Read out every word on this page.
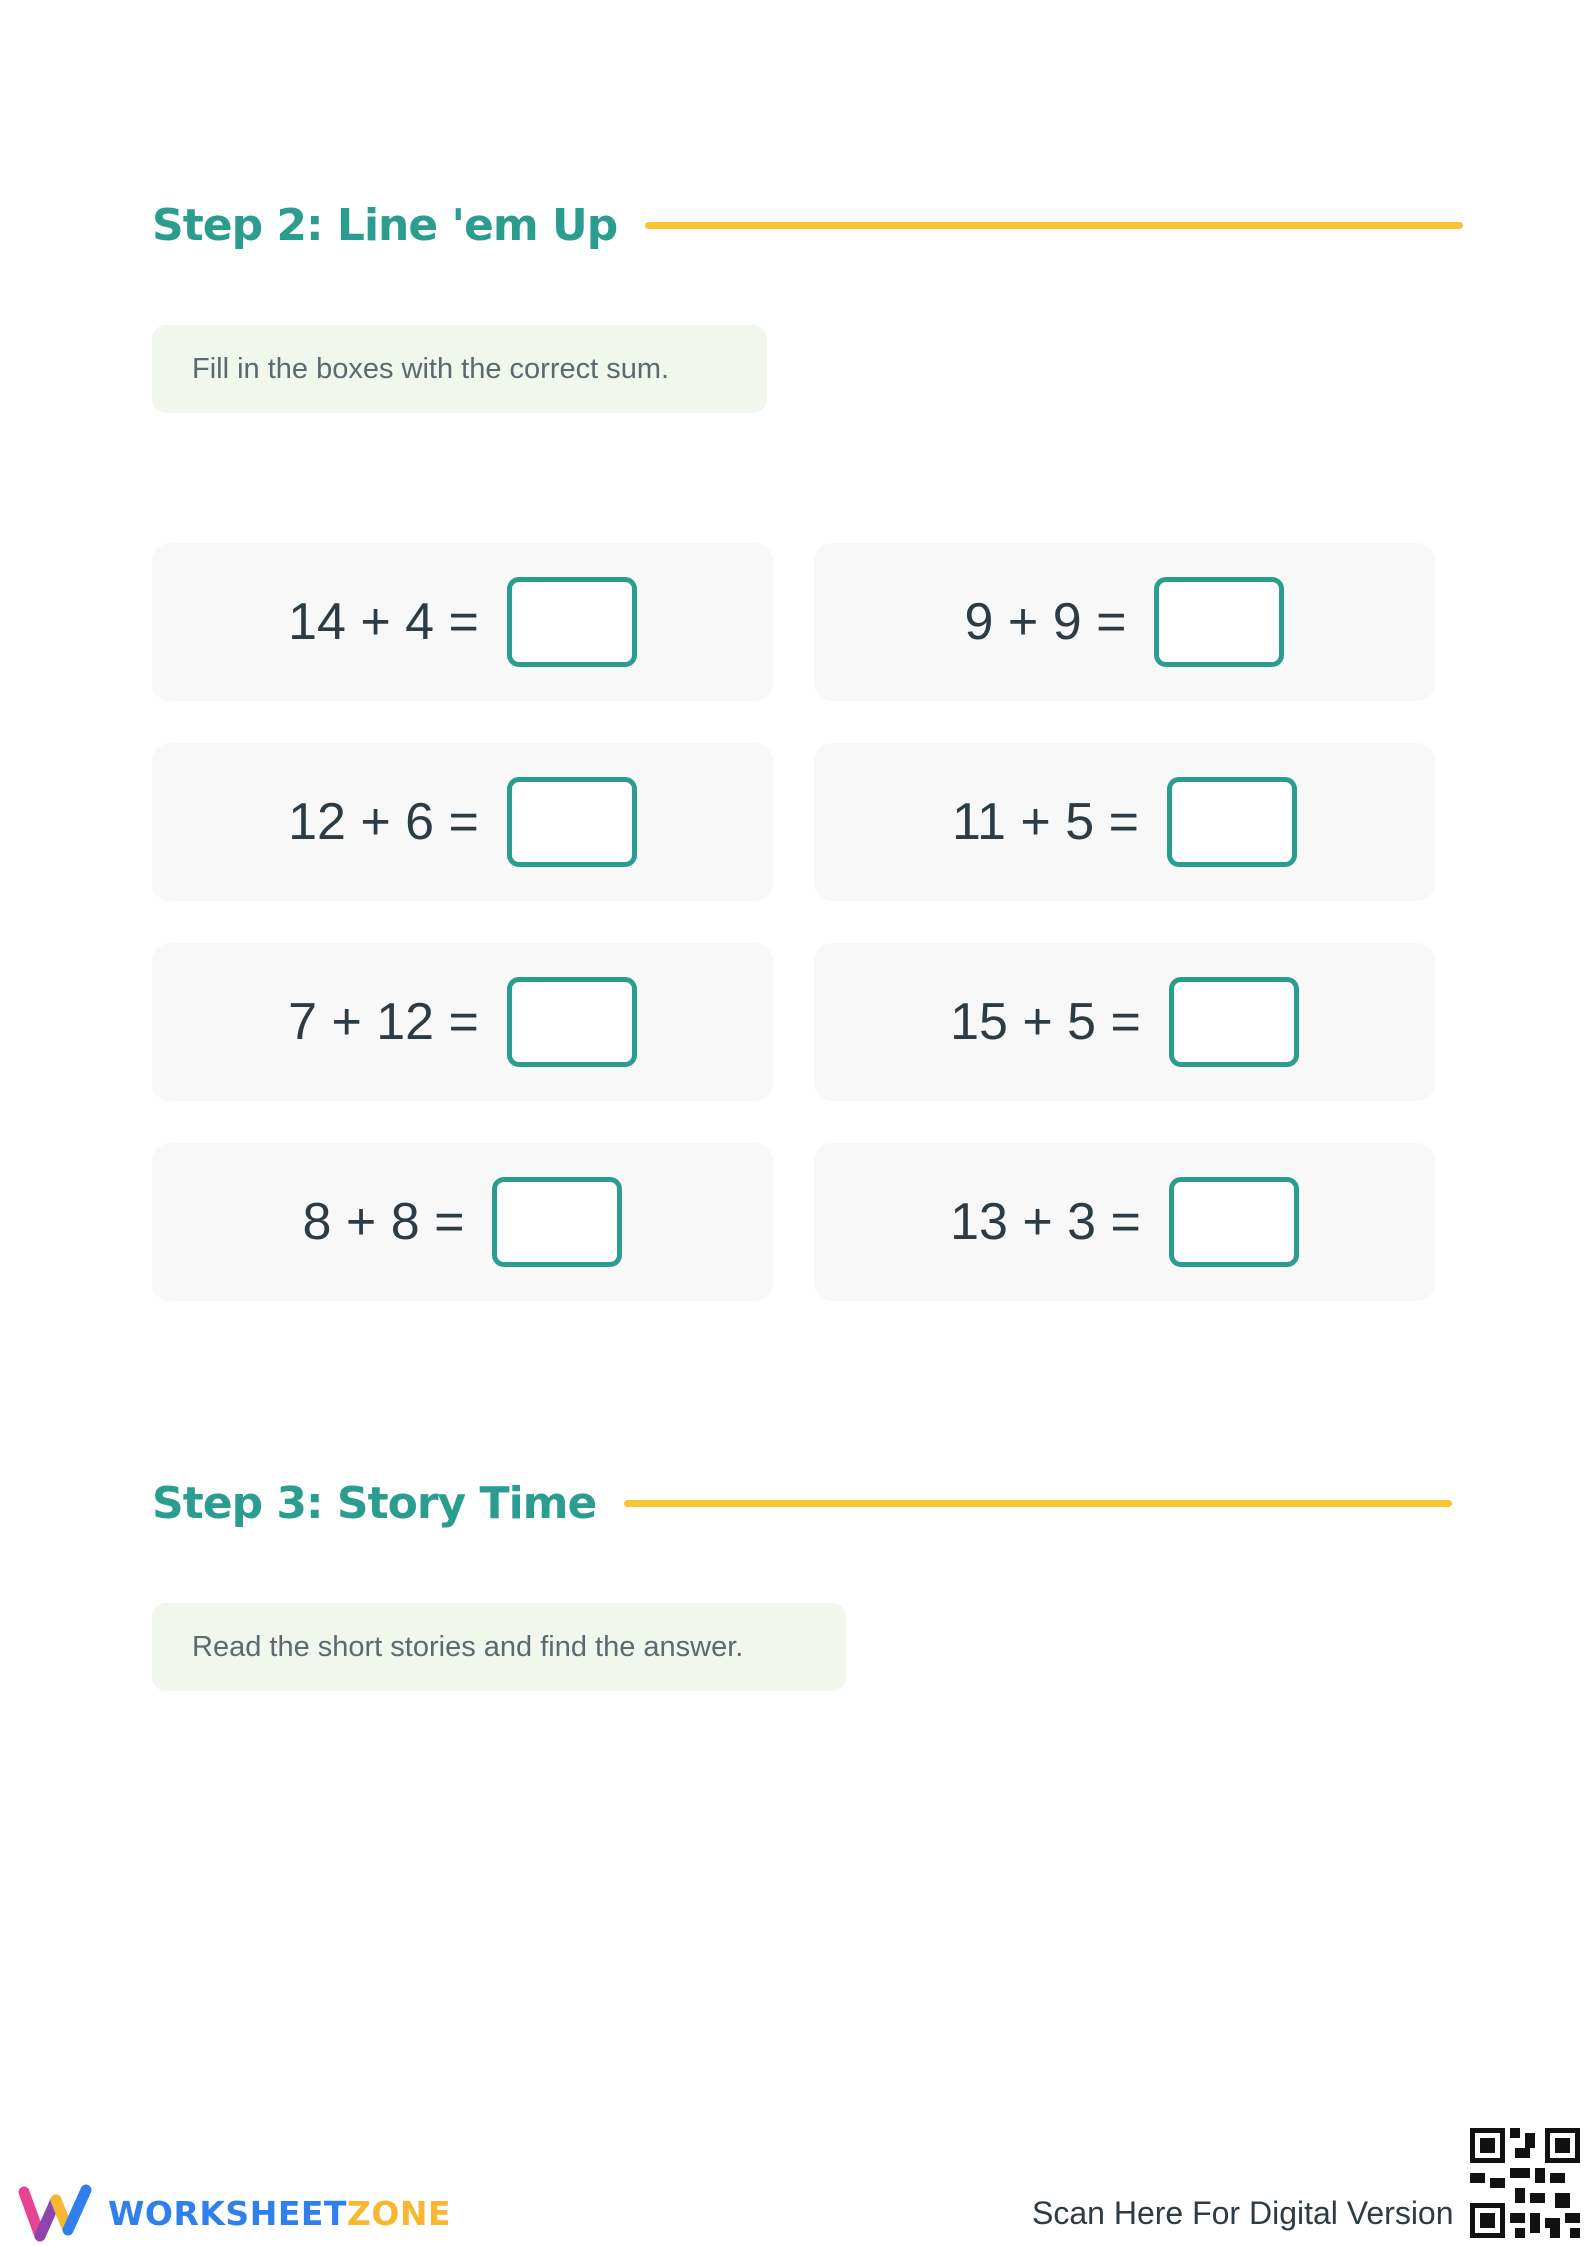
Step 2: Line 'em Up
Fill in the boxes with the correct sum.
14 + 4 =	9 + 9 =
12 + 6 =	11 + 5 =
7 + 12 =	15 + 5 =
8 + 8 =	13 + 3 =
Step 3: Story Time
Read the short stories and find the answer.
WORKSHEETZONE	Scan Here For Digital Version
